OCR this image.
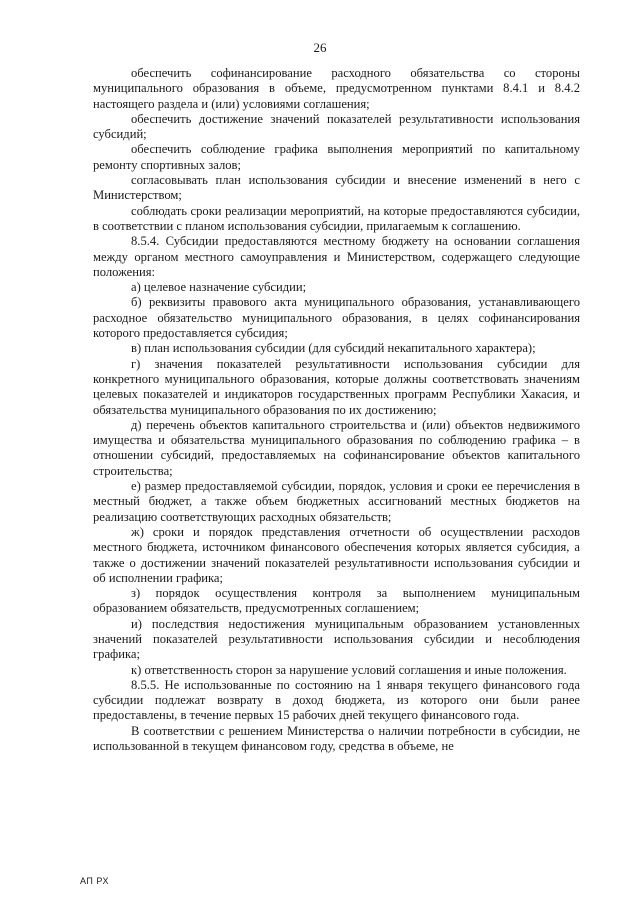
26

обеспечить софинансирование расходного обязательства со стороны муниципального образования в объеме, предусмотренном пунктами 8.4.1 и 8.4.2 настоящего раздела и (или) условиями соглашения;

обеспечить достижение значений показателей результативности использования субсидий;

обеспечить соблюдение графика выполнения мероприятий по капитальному ремонту спортивных залов;

согласовывать план использования субсидии и внесение изменений в него с Министерством;

соблюдать сроки реализации мероприятий, на которые предоставляются субсидии, в соответствии с планом использования субсидии, прилагаемым к соглашению.

8.5.4. Субсидии предоставляются местному бюджету на основании соглашения между органом местного самоуправления и Министерством, содержащего следующие положения:

а) целевое назначение субсидии;

б) реквизиты правового акта муниципального образования, устанавливающего расходное обязательство муниципального образования, в целях софинансирования которого предоставляется субсидия;

в) план использования субсидии (для субсидий некапитального характера);

г) значения показателей результативности использования субсидии для конкретного муниципального образования, которые должны соответствовать значениям целевых показателей и индикаторов государственных программ Республики Хакасия, и обязательства муниципального образования по их достижению;

д) перечень объектов капитального строительства и (или) объектов недвижимого имущества и обязательства муниципального образования по соблюдению графика – в отношении субсидий, предоставляемых на софинансирование объектов капитального строительства;

е) размер предоставляемой субсидии, порядок, условия и сроки ее перечисления в местный бюджет, а также объем бюджетных ассигнований местных бюджетов на реализацию соответствующих расходных обязательств;

ж) сроки и порядок представления отчетности об осуществлении расходов местного бюджета, источником финансового обеспечения которых является субсидия, а также о достижении значений показателей результативности использования субсидии и об исполнении графика;

з) порядок осуществления контроля за выполнением муниципальным образованием обязательств, предусмотренных соглашением;

и) последствия недостижения муниципальным образованием установленных значений показателей результативности использования субсидии и несоблюдения графика;

к) ответственность сторон за нарушение условий соглашения и иные положения.

8.5.5. Не использованные по состоянию на 1 января текущего финансового года субсидии подлежат возврату в доход бюджета, из которого они были ранее предоставлены, в течение первых 15 рабочих дней текущего финансового года.

В соответствии с решением Министерства о наличии потребности в субсидии, не использованной в текущем финансовом году, средства в объеме, не

АП РХ
